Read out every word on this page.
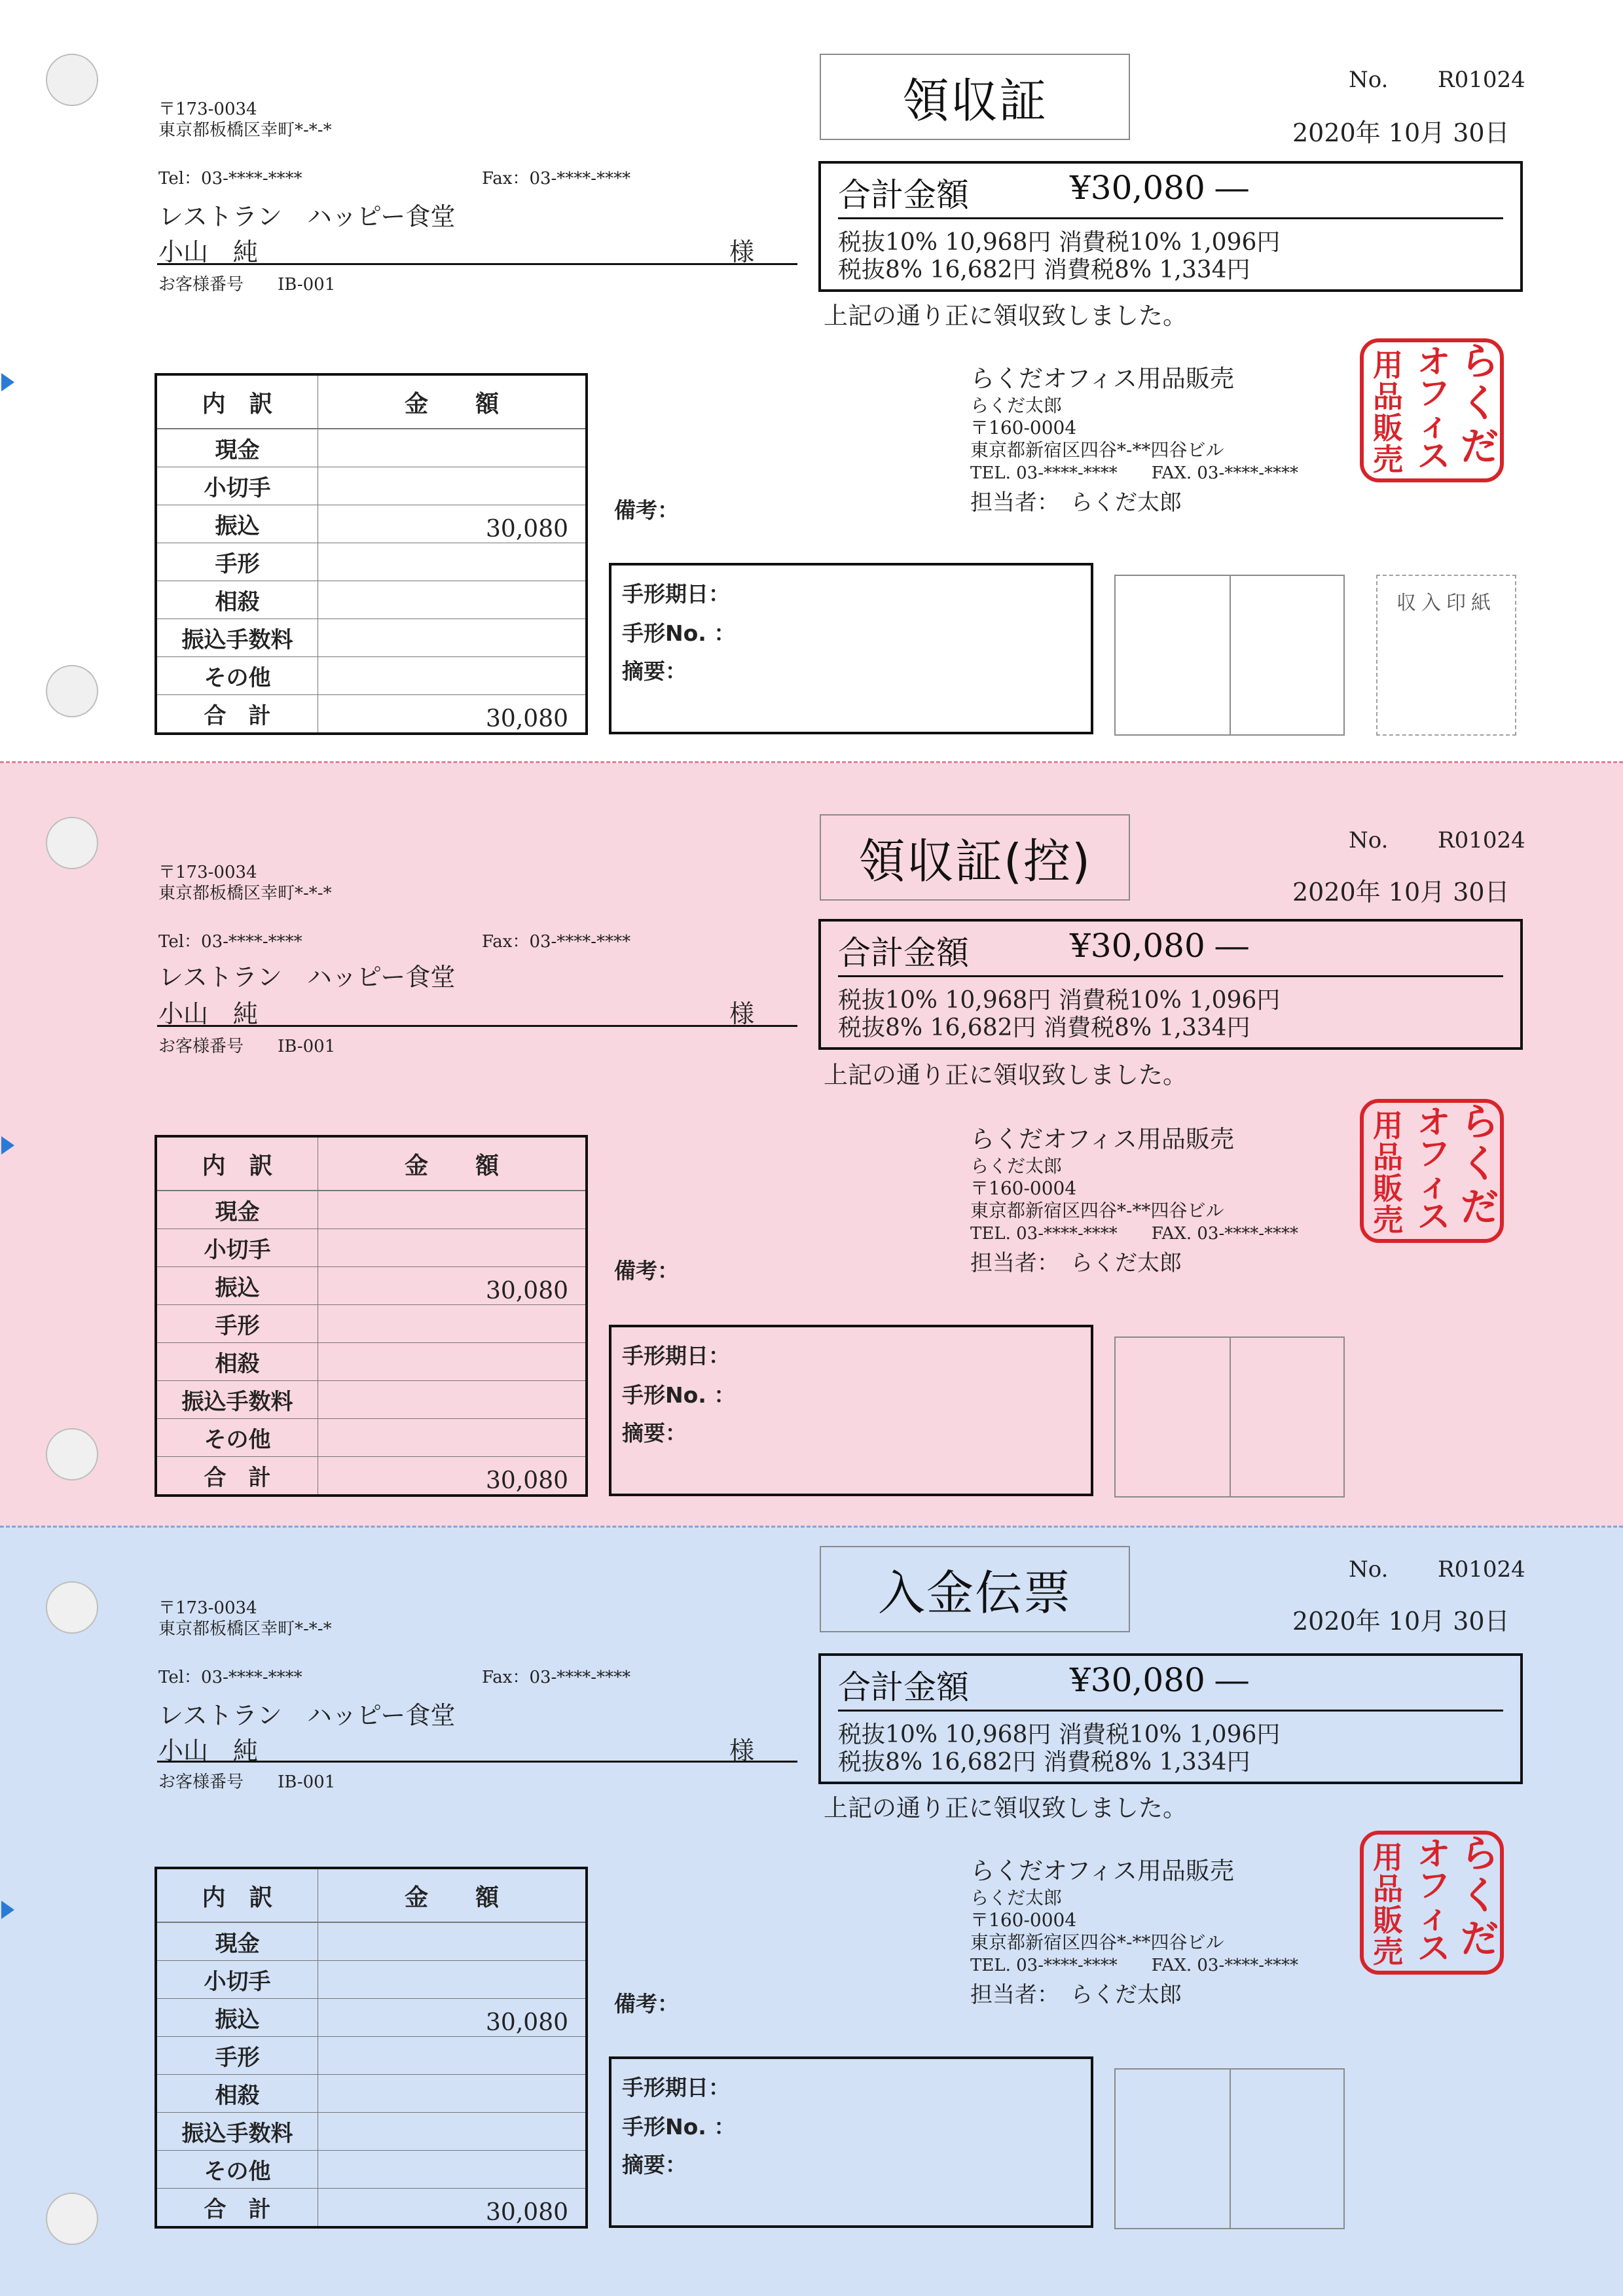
領収証	No. R01024
2020年 10月 30日
〒173-0034
東京都板橋区幸町*-*-*
Tel：03-****-****	Fax：03-****-****
レストラン　ハッピー食堂
小山　純	様
お客様番号　　IB-001
合計金額	¥30,080 ―
税抜10% 10,968円 消費税10% 1,096円
税抜8% 16,682円 消費税8% 1,334円
上記の通り正に領収致しました。
らくだオフィス用品販売
らくだ太郎
〒160-0004
東京都新宿区四谷*-**四谷ビル
TEL. 03-****-****　　FAX. 03-****-****
担当者：　らくだ太郎
ら
く
だ
オ
フ
ィ
ス
用
品
販
売
内　訳	金　　額
現金	
小切手	
振込	30,080
手形	
相殺	
振込手数料	
その他	
合　計	30,080
備考：
手形期日：
手形No. ：
摘要：
収入印紙
領収証(控)	No. R01024
2020年 10月 30日
〒173-0034
東京都板橋区幸町*-*-*
Tel：03-****-****	Fax：03-****-****
レストラン　ハッピー食堂
小山　純	様
お客様番号　　IB-001
合計金額	¥30,080 ―
税抜10% 10,968円 消費税10% 1,096円
税抜8% 16,682円 消費税8% 1,334円
上記の通り正に領収致しました。
らくだオフィス用品販売
らくだ太郎
〒160-0004
東京都新宿区四谷*-**四谷ビル
TEL. 03-****-****　　FAX. 03-****-****
担当者：　らくだ太郎
ら
く
だ
オ
フ
ィ
ス
用
品
販
売
内　訳	金　　額
現金	
小切手	
振込	30,080
手形	
相殺	
振込手数料	
その他	
合　計	30,080
備考：
手形期日：
手形No. ：
摘要：
入金伝票	No. R01024
2020年 10月 30日
〒173-0034
東京都板橋区幸町*-*-*
Tel：03-****-****	Fax：03-****-****
レストラン　ハッピー食堂
小山　純	様
お客様番号　　IB-001
合計金額	¥30,080 ―
税抜10% 10,968円 消費税10% 1,096円
税抜8% 16,682円 消費税8% 1,334円
上記の通り正に領収致しました。
らくだオフィス用品販売
らくだ太郎
〒160-0004
東京都新宿区四谷*-**四谷ビル
TEL. 03-****-****　　FAX. 03-****-****
担当者：　らくだ太郎
ら
く
だ
オ
フ
ィ
ス
用
品
販
売
内　訳	金　　額
現金	
小切手	
振込	30,080
手形	
相殺	
振込手数料	
その他	
合　計	30,080
備考：
手形期日：
手形No. ：
摘要：
